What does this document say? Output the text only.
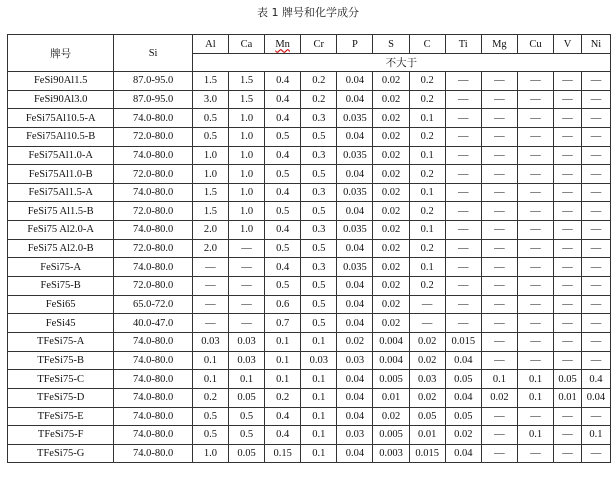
表 1 牌号和化学成分
牌号	Si	Al	Ca	Mn	Cr	P	S	C	Ti	Mg	Cu	V	Ni
		不大于											
FeSi90Al1.5	87.0-95.0	1.5	1.5	0.4	0.2	0.04	0.02	0.2	—	—	—	—	—
FeSi90Al3.0	87.0-95.0	3.0	1.5	0.4	0.2	0.04	0.02	0.2	—	—	—	—	—
FeSi75Al10.5-A	74.0-80.0	0.5	1.0	0.4	0.3	0.035	0.02	0.1	—	—	—	—	—
FeSi75Al10.5-B	72.0-80.0	0.5	1.0	0.5	0.5	0.04	0.02	0.2	—	—	—	—	—
FeSi75Al1.0-A	74.0-80.0	1.0	1.0	0.4	0.3	0.035	0.02	0.1	—	—	—	—	—
FeSi75Al1.0-B	72.0-80.0	1.0	1.0	0.5	0.5	0.04	0.02	0.2	—	—	—	—	—
FeSi75Al1.5-A	74.0-80.0	1.5	1.0	0.4	0.3	0.035	0.02	0.1	—	—	—	—	—
FeSi75 Al1.5-B	72.0-80.0	1.5	1.0	0.5	0.5	0.04	0.02	0.2	—	—	—	—	—
FeSi75 Al2.0-A	74.0-80.0	2.0	1.0	0.4	0.3	0.035	0.02	0.1	—	—	—	—	—
FeSi75 Al2.0-B	72.0-80.0	2.0	—	0.5	0.5	0.04	0.02	0.2	—	—	—	—	—
FeSi75-A	74.0-80.0	—	—	0.4	0.3	0.035	0.02	0.1	—	—	—	—	—
FeSi75-B	72.0-80.0	—	—	0.5	0.5	0.04	0.02	0.2	—	—	—	—	—
FeSi65	65.0-72.0	—	—	0.6	0.5	0.04	0.02	—	—	—	—	—	—
FeSi45	40.0-47.0	—	—	0.7	0.5	0.04	0.02	—	—	—	—	—	—
TFeSi75-A	74.0-80.0	0.03	0.03	0.1	0.1	0.02	0.004	0.02	0.015	—	—	—	—
TFeSi75-B	74.0-80.0	0.1	0.03	0.1	0.03	0.03	0.004	0.02	0.04	—	—	—	—
TFeSi75-C	74.0-80.0	0.1	0.1	0.1	0.1	0.04	0.005	0.03	0.05	0.1	0.1	0.05	0.4
TFeSi75-D	74.0-80.0	0.2	0.05	0.2	0.1	0.04	0.01	0.02	0.04	0.02	0.1	0.01	0.04
TFeSi75-E	74.0-80.0	0.5	0.5	0.4	0.1	0.04	0.02	0.05	0.05	—	—	—	—
TFeSi75-F	74.0-80.0	0.5	0.5	0.4	0.1	0.03	0.005	0.01	0.02	—	0.1	—	0.1
TFeSi75-G	74.0-80.0	1.0	0.05	0.15	0.1	0.04	0.003	0.015	0.04	—	—	—	—
